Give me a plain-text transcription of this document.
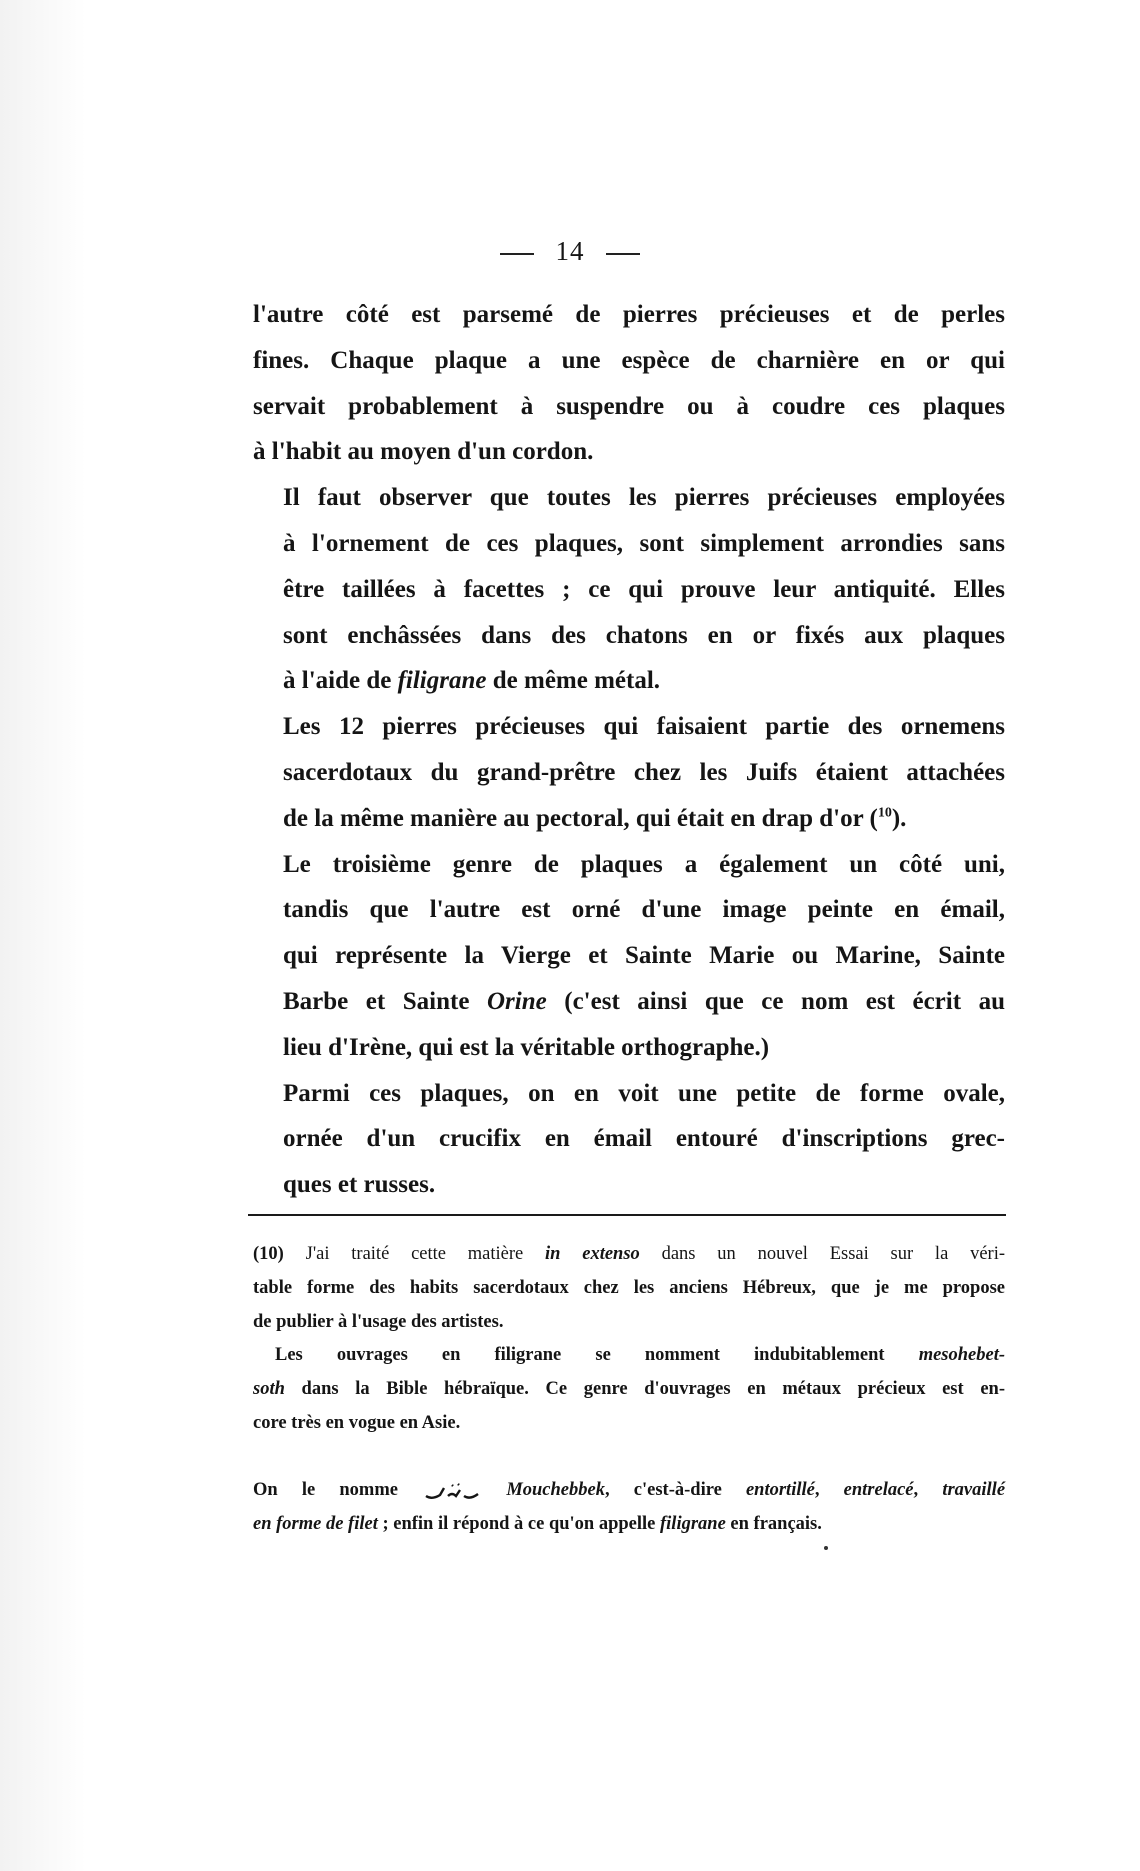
14

l'autre côté est parsemé de pierres précieuses et de perles
fines. Chaque plaque a une espèce de charnière en or qui
servait probablement à suspendre ou à coudre ces plaques
à l'habit au moyen d'un cordon.

Il faut observer que toutes les pierres précieuses employées
à l'ornement de ces plaques, sont simplement arrondies sans
être taillées à facettes ; ce qui prouve leur antiquité. Elles
sont enchâssées dans des chatons en or fixés aux plaques
à l'aide de filigrane de même métal.

Les 12 pierres précieuses qui faisaient partie des ornemens
sacerdotaux du grand-prêtre chez les Juifs étaient attachées
de la même manière au pectoral, qui était en drap d'or ($^{10}$).

Le troisième genre de plaques a également un côté uni,
tandis que l'autre est orné d'une image peinte en émail,
qui représente la Vierge et Sainte Marie ou Marine, Sainte
Barbe et Sainte Orine (c'est ainsi que ce nom est écrit au
lieu d'Irène, qui est la véritable orthographe.)

Parmi ces plaques, on en voit une petite de forme ovale,
ornée d'un crucifix en émail entouré d'inscriptions grec-
ques et russes.

(10) J'ai traité cette matière in extenso dans un nouvel Essai sur la véri-
table forme des habits sacerdotaux chez les anciens Hébreux, que je me propose
de publier à l'usage des artistes.

Les ouvrages en filigrane se nomment indubitablement mesohebet-
soth dans la Bible hébraïque. Ce genre d'ouvrages en métaux précieux est en-
core très en vogue en Asie.

On le nomme	Mouchebbek, c'est-à-dire entortillé, entrelacé, travaillé
en forme de filet ; enfin il répond à ce qu'on appelle filigrane en français.
